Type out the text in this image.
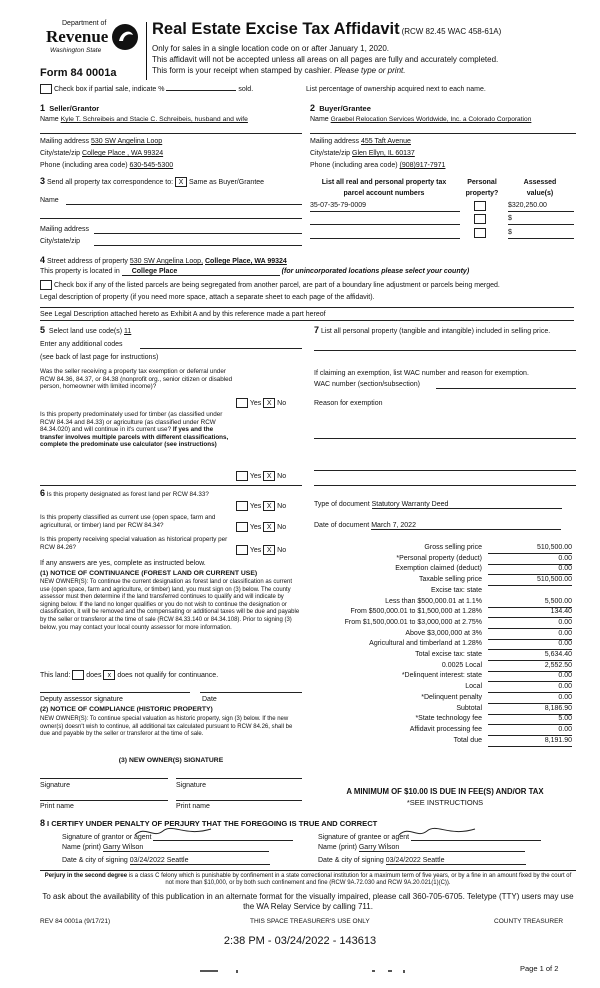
Department of
Revenue
Washington State
Form 84 0001a
Real Estate Excise Tax Affidavit (RCW 82.45 WAC 458-61A)
Only for sales in a single location code on or after January 1, 2020.
This affidavit will not be accepted unless all areas on all pages are fully and accurately completed.
This form is your receipt when stamped by cashier. Please type or print.
Check box if partial sale, indicate %	sold.	List percentage of ownership acquired next to each name.
1 Seller/Grantor
Name Kyle T. Schreibeis and Stacie C. Schreibeis, husband and wife
Mailing address 530 SW Angelina Loop
City/state/zip College Place , WA 99324
Phone (including area code) 630-545-5300
2 Buyer/Grantee
Name Graebel Relocation Services Worldwide, Inc. a Colorado Corporation
Mailing address 455 Taft Avenue
City/state/zip Glen Ellyn, IL 60137
Phone (including area code) (908)917-7971
3 Send all property tax correspondence to: X Same as Buyer/Grantee
Name
Mailing address
City/state/zip
List all real and personal property tax parcel account numbers
Personal property?
Assessed value(s)
35-07-35-79-0009	$320,250.00
$
$
4 Street address of property 530 SW Angelina Loop, College Place, WA 99324
This property is located in College Place	(for unincorporated locations please select your county)
Check box if any of the listed parcels are being segregated from another parcel, are part of a boundary line adjustment or parcels being merged.
Legal description of property (if you need more space, attach a separate sheet to each page of the affidavit).
See Legal Description attached hereto as Exhibit A and by this reference made a part hereof
5 Select land use code(s) 11
Enter any additional codes
(see back of last page for instructions)
Was the seller receiving a property tax exemption or deferral under RCW 84.36, 84.37, or 84.38 (nonprofit org., senior citizen or disabled person, homeowner with limited income)?
Yes X No
Is this property predominately used for timber (as classified under RCW 84.34 and 84.33) or agriculture (as classified under RCW 84.34.020) and will continue in it's current use? If yes and the transfer involves multiple parcels with different classifications, complete the predominate use calculator (see instructions)
Yes X No
7 List all personal property (tangible and intangible) included in selling price.
If claiming an exemption, list WAC number and reason for exemption.
WAC number (section/subsection)
Reason for exemption
6 Is this property designated as forest land per RCW 84.33?
Yes X No
Is this property classified as current use (open space, farm and agricultural, or timber) land per RCW 84.34?	Yes X No
Is this property receiving special valuation as historical property per RCW 84.26?	Yes X No
If any answers are yes, complete as instructed below.
(1) NOTICE OF CONTINUANCE (FOREST LAND OR CURRENT USE)
NEW OWNER(S): To continue the current designation as forest land or classification as current use (open space, farm and agriculture, or timber) land, you must sign on (3) below. The county assessor must then determine if the land transferred continues to qualify and will indicate by signing below. If the land no longer qualifies or you do not wish to continue the designation or classification, it will be removed and the compensating or additional taxes will be due and payable by the seller or transferor at the time of sale (RCW 84.33.140 or 84.34.108). Prior to signing (3) below, you may contact your local county assessor for more information.
This land: does x does not qualify for continuance.
Deputy assessor signature	Date
(2) NOTICE OF COMPLIANCE (HISTORIC PROPERTY)
NEW OWNER(S): To continue special valuation as historic property, sign (3) below. If the new owner(s) doesn't wish to continue, all additional tax calculated pursuant to RCW 84.26, shall be due and payable by the seller or transferor at the time of sale.
(3) NEW OWNER(S) SIGNATURE
Signature	Signature
Print name	Print name
Type of document Statutory Warranty Deed
Date of document March 7, 2022
Gross selling price	510,500.00
*Personal property (deduct)	0.00
Exemption claimed (deduct)	0.00
Taxable selling price	510,500.00
Excise tax: state
Less than $500,000.01 at 1.1%	5,500.00
From $500,000.01 to $1,500,000 at 1.28%	134.40
From $1,500,000.01 to $3,000,000 at 2.75%	0.00
Above $3,000,000 at 3%	0.00
Agricultural and timberland at 1.28%	0.00
Total excise tax: state	5,634.40
0.0025 Local	2,552.50
*Delinquent interest: state	0.00
Local	0.00
*Delinquent penalty	0.00
Subtotal	8,186.90
*State technology fee	5.00
Affidavit processing fee	0.00
Total due	8,191.90
A MINIMUM OF $10.00 IS DUE IN FEE(S) AND/OR TAX
*SEE INSTRUCTIONS
8 I CERTIFY UNDER PENALTY OF PERJURY THAT THE FOREGOING IS TRUE AND CORRECT
Signature of grantor or agent	Signature of grantee or agent
Name (print) Garry Wilson	Name (print) Garry Wilson
Date & city of signing 03/24/2022 Seattle	Date & city of signing 03/24/2022 Seattle
Perjury in the second degree is a class C felony which is punishable by confinement in a state correctional institution for a maximum term of five years, or by a fine in an amount fixed by the court of not more than $10,000, or by both such confinement and fine (RCW 9A.72.030 and RCW 9A.20.021(1)(C)).
To ask about the availability of this publication in an alternate format for the visually impaired, please call 360-705-6705. Teletype (TTY) users may use the WA Relay Service by calling 711.
REV 84 0001a (9/17/21)	THIS SPACE TREASURER'S USE ONLY	COUNTY TREASURER
2:38 PM - 03/24/2022 - 143613
Page 1 of 2
